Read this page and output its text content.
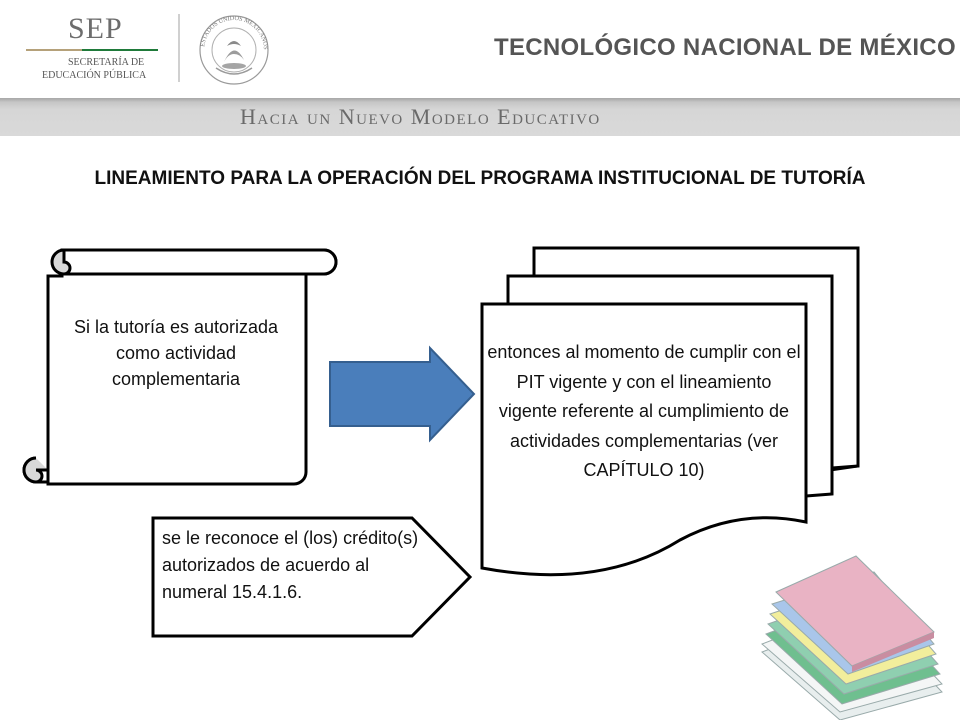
SEP
SECRETARÍA DE
EDUCACIÓN PÚBLICA
ESTADOS UNIDOS MEXICANOS	TECNOLÓGICO NACIONAL DE MÉXICO
Hacia un Nuevo Modelo Educativo
LINEAMIENTO PARA LA OPERACIÓN DEL PROGRAMA INSTITUCIONAL DE TUTORÍA
Si la tutoría es autorizada como actividad complementaria
entonces al momento de cumplir con el PIT vigente y con el lineamiento vigente referente al cumplimiento de actividades complementarias (ver CAPÍTULO 10)
se le reconoce el (los) crédito(s) autorizados de acuerdo al numeral 15.4.1.6.
